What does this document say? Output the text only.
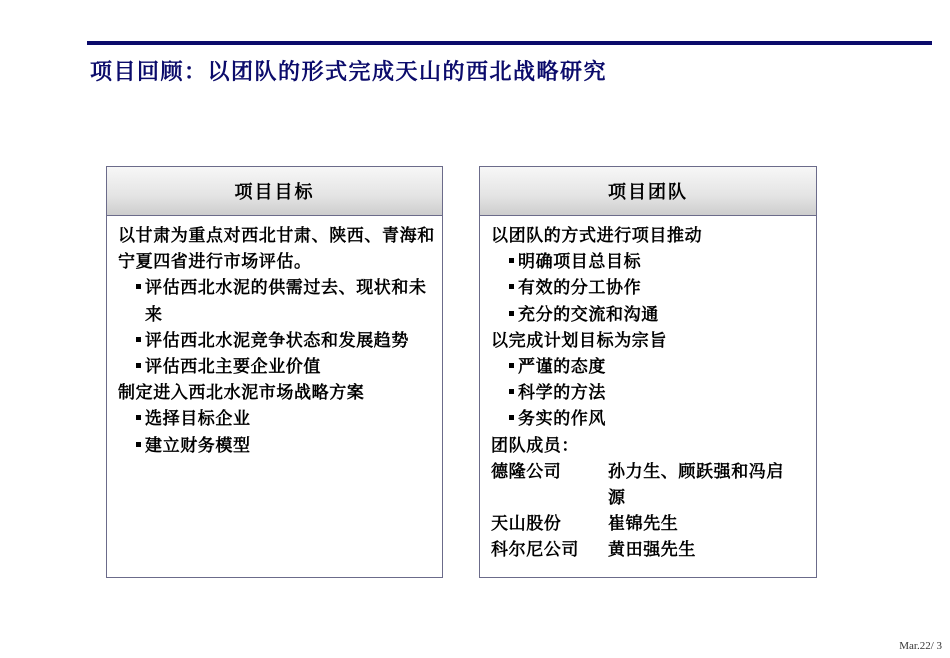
项目回顾：以团队的形式完成天山的西北战略研究
项目目标
以甘肃为重点对西北甘肃、陕西、青海和宁夏四省进行市场评估。
评估西北水泥的供需过去、现状和未来
评估西北水泥竞争状态和发展趋势
评估西北主要企业价值
制定进入西北水泥市场战略方案
选择目标企业
建立财务模型
项目团队
以团队的方式进行项目推动
明确项目总目标
有效的分工协作
充分的交流和沟通
以完成计划目标为宗旨
严谨的态度
科学的方法
务实的作风
团队成员：
德隆公司	孙力生、顾跃强和冯启源
天山股份	崔锦先生
科尔尼公司	黄田强先生
Mar.22/ 3
